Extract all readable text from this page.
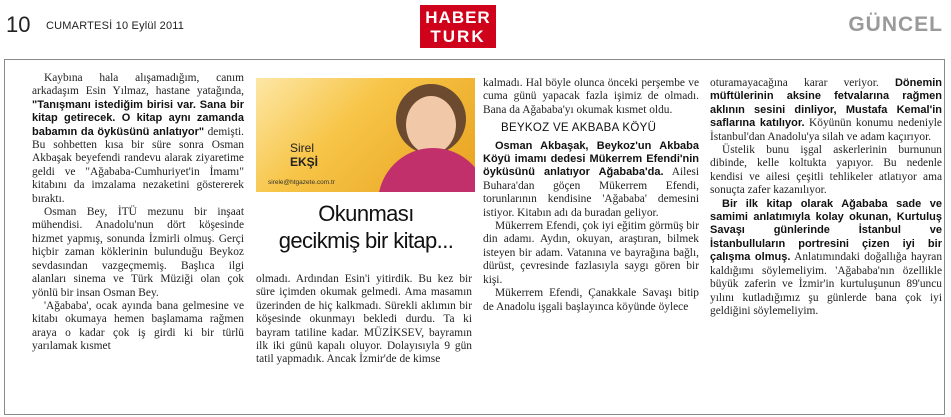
10 CUMARTESİ 10 Eylül 2011	HABER
TURK
GÜNCEL

Kaybına hala alışamadığım, canım arkadaşım Esin Yılmaz, hastane yatağında, "Tanışmanı istediğim birisi var. Sana bir kitap getirecek. O kitap aynı zamanda babamın da öyküsünü anlatıyor" demişti. Bu sohbetten kısa bir süre sonra Osman Akbaşak beyefendi randevu alarak ziyaretime geldi ve "Ağababa-Cumhuriyet'in İmamı" kitabını da imzalama nezaketini göstererek bıraktı.

Osman Bey, İTÜ mezunu bir inşaat mühendisi. Anadolu'nun dört köşesinde hizmet yapmış, sonunda İzmirli olmuş. Gerçi hiçbir zaman köklerinin bulunduğu Beykoz sevdasından vazgeçmemiş. Başlıca ilgi alanları sinema ve Türk Müziği olan çok yönlü bir insan Osman Bey.

'Ağababa', ocak ayında bana gelmesine ve kitabı okumaya hemen başlamama rağmen araya o kadar çok iş girdi ki bir türlü yarılamak kısmet

Sirel
EKŞİ
sirele@htgazete.com.tr
Okunması
gecikmiş bir kitap...

olmadı. Ardından Esin'i yitirdik. Bu kez bir süre içimden okumak gelmedi. Ama masamın üzerinden de hiç kalkmadı. Sürekli aklımın bir köşesinde okunmayı bekledi durdu. Ta ki bayram tatiline kadar. MÜZİKSEV, bayramın ilk iki günü kapalı oluyor. Dolayısıyla 9 gün tatil yapmadık. Ancak İzmir'de de kimse

kalmadı. Hal böyle olunca önceki perşembe ve cuma günü yapacak fazla işimiz de olmadı. Bana da Ağababa'yı okumak kısmet oldu.

BEYKOZ VE AKBABA KÖYÜ

Osman Akbaşak, Beykoz'un Akbaba Köyü imamı dedesi Mükerrem Efendi'nin öyküsünü anlatıyor Ağababa'da. Ailesi Buhara'dan göçen Mükerrem Efendi, torunlarının kendisine 'Ağababa' demesini istiyor. Kitabın adı da buradan geliyor.

Mükerrem Efendi, çok iyi eğitim görmüş bir din adamı. Aydın, okuyan, araştıran, bilmek isteyen bir adam. Vatanına ve bayrağına bağlı, dürüst, çevresinde fazlasıyla saygı gören bir kişi.

Mükerrem Efendi, Çanakkale Savaşı bitip de Anadolu işgali başlayınca köyünde öylece

oturamayacağına karar veriyor. Dönemin müftülerinin aksine fetvalarına rağmen aklının sesini dinliyor, Mustafa Kemal'in saflarına katılıyor. Köyünün konumu nedeniyle İstanbul'dan Anadolu'ya silah ve adam kaçırıyor.

Üstelik bunu işgal askerlerinin burnunun dibinde, kelle koltukta yapıyor. Bu nedenle kendisi ve ailesi çeşitli tehlikeler atlatıyor ama sonuçta zafer kazanılıyor.

Bir ilk kitap olarak Ağababa sade ve samimi anlatımıyla kolay okunan, Kurtuluş Savaşı günlerinde İstanbul ve İstanbulluların portresini çizen iyi bir çalışma olmuş. Anlatımındaki doğallığa hayran kaldığımı söylemeliyim. 'Ağababa'nın özellikle büyük zaferin ve İzmir'in kurtuluşunun 89'uncu yılını kutladığımız şu günlerde bana çok iyi geldiğini söylemeliyim.
